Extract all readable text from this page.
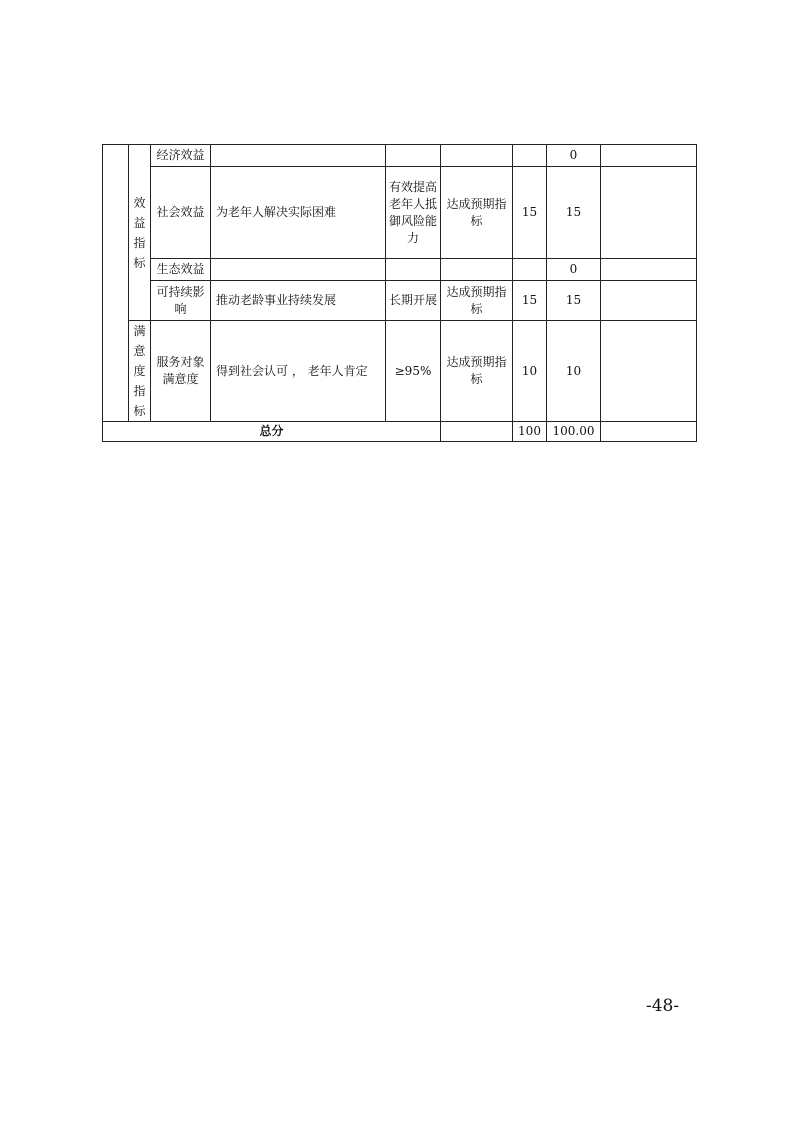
	效益指标	经济效益					0	
		社会效益	为老年人解决实际困难	有效提高老年人抵御风险能力	达成预期指标	15	15	
		生态效益					0	
		可持续影响	推动老龄事业持续发展	长期开展	达成预期指标	15	15	

	满意度指标	服务对象满意度	得到社会认可 ， 老年人肯定	≥95%	达成预期指标	10	10	
总分						100	100.00	
-48-
